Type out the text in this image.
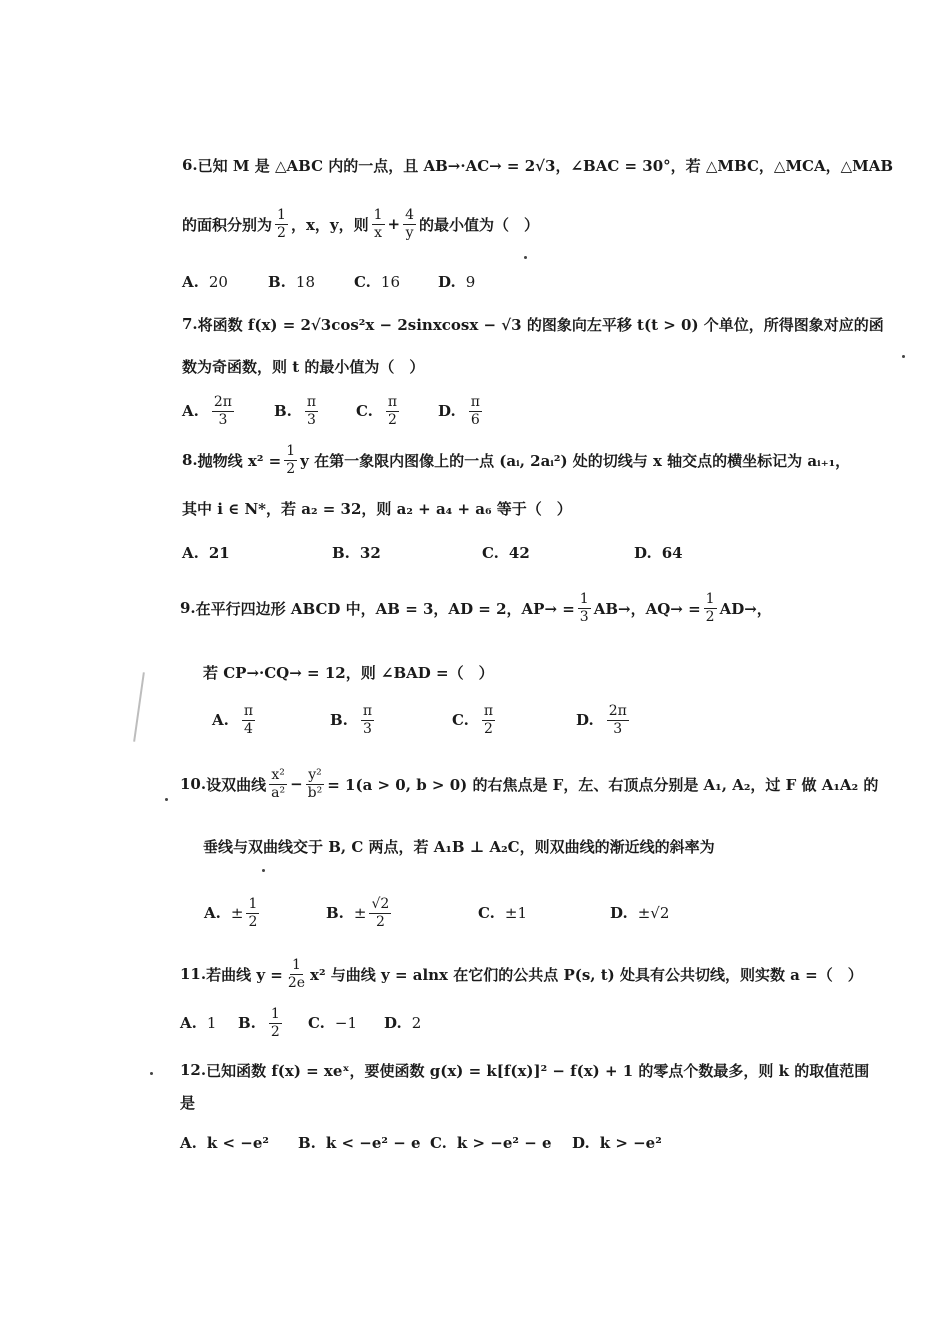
6. 已知 M 是 △ABC 内的一点，且 AB→·AC→ = 2√3，∠BAC = 30°，若 △MBC，△MCA，△MAB
的面积分别为 $\frac{1}{2}$ ，x，y，则 $\frac{1}{x} + \frac{4}{y}$ 的最小值为（　）
A. 20	B. 18	C. 16	D. 9
7. 将函数 f(x) = 2√3cos²x − 2sinxcosx − √3 的图象向左平移 t(t > 0) 个单位，所得图象对应的函
数为奇函数，则 t 的最小值为（　）
A. $\frac{2\pi}{3}$	B. $\frac{\pi}{3}$	C. $\frac{\pi}{2}$	D. $\frac{\pi}{6}$
8. 抛物线 $x^2 = \frac{1}{2}$ y 在第一象限内图像上的一点 (aᵢ, 2aᵢ²) 处的切线与 x 轴交点的横坐标记为 aᵢ₊₁，
其中 i ∈ N*，若 a₂ = 32，则 a₂ + a₄ + a₆ 等于（　）
A. 21	B. 32	C. 42	D. 64
9. 在平行四边形 ABCD 中，AB = 3，AD = 2，$AP\to = \frac{1}{3} AB\to$，$AQ\to = \frac{1}{2} AD\to$，
若 CP→·CQ→ = 12，则 ∠BAD =（　）
A. $\frac{\pi}{4}$	B. $\frac{\pi}{3}$	C. $\frac{\pi}{2}$	D. $\frac{2\pi}{3}$
10. 设双曲线 $\frac{\text{x²}}{\text{a²}} - \frac{\text{y²}}{\text{b²}} = 1(a > 0$, b > 0) 的右焦点是 F，左、右顶点分别是 A₁, A₂，过 F 做 A₁A₂ 的
垂线与双曲线交于 B, C 两点，若 A₁B ⊥ A₂C，则双曲线的渐近线的斜率为
A. ± $\frac{1}{2}$	B. ± $\frac{√2}{2}$	C. ±1	D. ±√2
11. 若曲线 $y = \frac{1}{2e} x^2$ 与曲线 y = alnx 在它们的公共点 P(s, t) 处具有公共切线，则实数 a =（　）
A. 1 B. $\frac{1}{2} C$. −1 D. 2
12. 已知函数 f(x) = xeˣ，要使函数 g(x) = k[f(x)]² − f(x) + 1 的零点个数最多，则 k 的取值范围
是
A. k < −e² B. k < −e² − e C. k > −e² − e D. k > −e²
